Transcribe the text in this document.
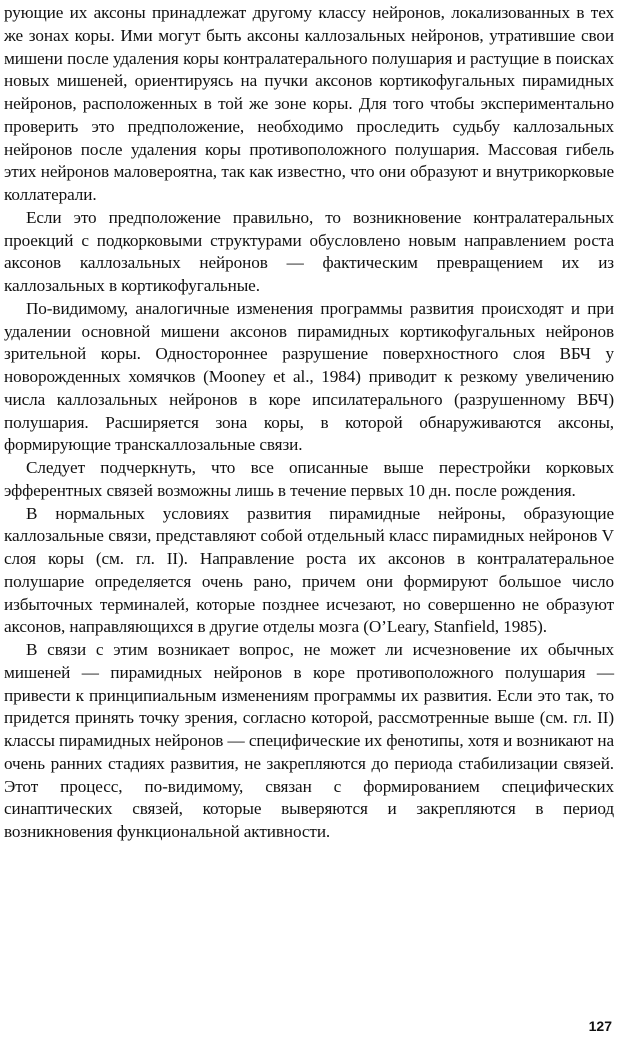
рующие их аксоны принадлежат другому классу нейронов, локализованных в тех же зонах коры. Ими могут быть аксоны каллозальных нейронов, утратившие свои мишени после удаления коры контралатерального полушария и растущие в поисках новых мишеней, ориентируясь на пучки аксонов кортикофугальных пирамидных нейронов, расположенных в той же зоне коры. Для того чтобы экспериментально проверить это предположение, необходимо проследить судьбу каллозальных нейронов после удаления коры противоположного полушария. Массовая гибель этих нейронов маловероятна, так как известно, что они образуют и внутрикорковые коллатерали.

Если это предположение правильно, то возникновение контралатеральных проекций с подкорковыми структурами обусловлено новым направлением роста аксонов каллозальных нейронов — фактическим превращением их из каллозальных в кортикофугальные.

По-видимому, аналогичные изменения программы развития происходят и при удалении основной мишени аксонов пирамидных кортикофугальных нейронов зрительной коры. Одностороннее разрушение поверхностного слоя ВБЧ у новорожденных хомячков (Mooney et al., 1984) приводит к резкому увеличению числа каллозальных нейронов в коре ипсилатерального (разрушенному ВБЧ) полушария. Расширяется зона коры, в которой обнаруживаются аксоны, формирующие транскаллозальные связи.

Следует подчеркнуть, что все описанные выше перестройки корковых эфферентных связей возможны лишь в течение первых 10 дн. после рождения.

В нормальных условиях развития пирамидные нейроны, образующие каллозальные связи, представляют собой отдельный класс пирамидных нейронов V слоя коры (см. гл. II). Направление роста их аксонов в контралатеральное полушарие определяется очень рано, причем они формируют большое число избыточных терминалей, которые позднее исчезают, но совершенно не образуют аксонов, направляющихся в другие отделы мозга (O’Leary, Stanfield, 1985).

В связи с этим возникает вопрос, не может ли исчезновение их обычных мишеней — пирамидных нейронов в коре противоположного полушария — привести к принципиальным изменениям программы их развития. Если это так, то придется принять точку зрения, согласно которой, рассмотренные выше (см. гл. II) классы пирамидных нейронов — специфические их фенотипы, хотя и возникают на очень ранних стадиях развития, не закрепляются до периода стабилизации связей. Этот процесс, по-видимому, связан с формированием специфических синаптических связей, которые выверяются и закрепляются в период возникновения функциональной активности.

127
